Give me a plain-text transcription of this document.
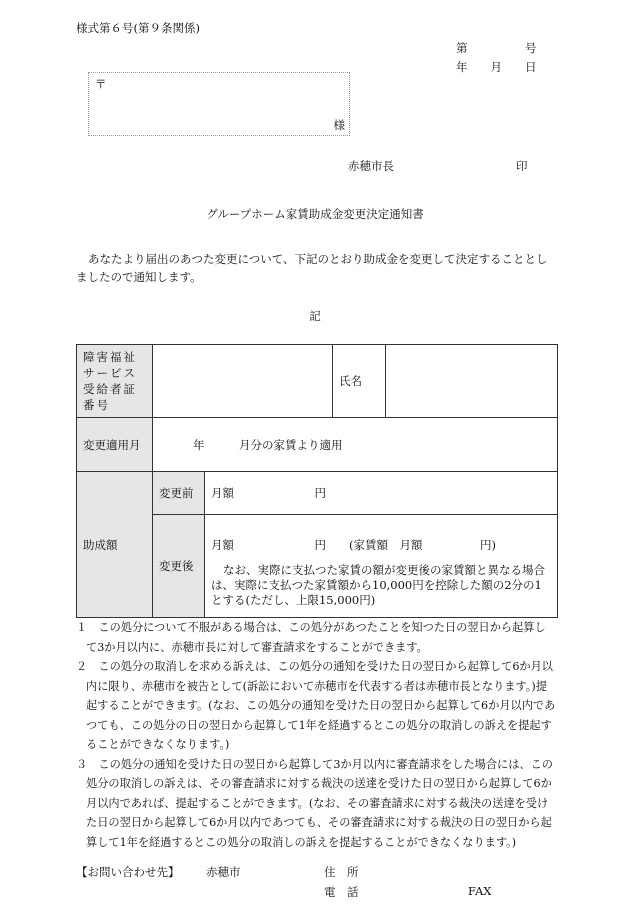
様式第６号(第９条関係)
第　　　　　号
年　　月　　日
〒
様
赤穂市長	印
グループホーム家賃助成金変更決定通知書
あなたより届出のあつた変更について、下記のとおり助成金を変更して決定することとしましたので通知します。
記
障害福祉サービス受給者証番号			氏名	
変更適用月	年　　　月分の家賃より適用			
助成額	変更前	月額　　　　　　　円		
	変更後	月額　　　　　　　円　　(家賃額　月額　　　　　円)
なお、実際に支払つた家賃の額が変更後の家賃額と異なる場合は、実際に支払つた家賃額から10,000円を控除した額の2分の1とする(ただし、上限15,000円)		
１　この処分について不服がある場合は、この処分があつたことを知つた日の翌日から起算して3か月以内に、赤穂市長に対して審査請求をすることができます。
２　この処分の取消しを求める訴えは、この処分の通知を受けた日の翌日から起算して6か月以内に限り、赤穂市を被告として(訴訟において赤穂市を代表する者は赤穂市長となります。)提起することができます。(なお、この処分の通知を受けた日の翌日から起算して6か月以内であつても、この処分の日の翌日から起算して1年を経過するとこの処分の取消しの訴えを提起することができなくなります。)
３　この処分の通知を受けた日の翌日から起算して3か月以内に審査請求をした場合には、この処分の取消しの訴えは、その審査請求に対する裁決の送達を受けた日の翌日から起算して6か月以内であれば、提起することができます。(なお、その審査請求に対する裁決の送達を受けた日の翌日から起算して6か月以内であつても、その審査請求に対する裁決の日の翌日から起算して1年を経過するとこの処分の取消しの訴えを提起することができなくなります。)
【お問い合わせ先】 赤穂市	住　所
電　話	FAX
